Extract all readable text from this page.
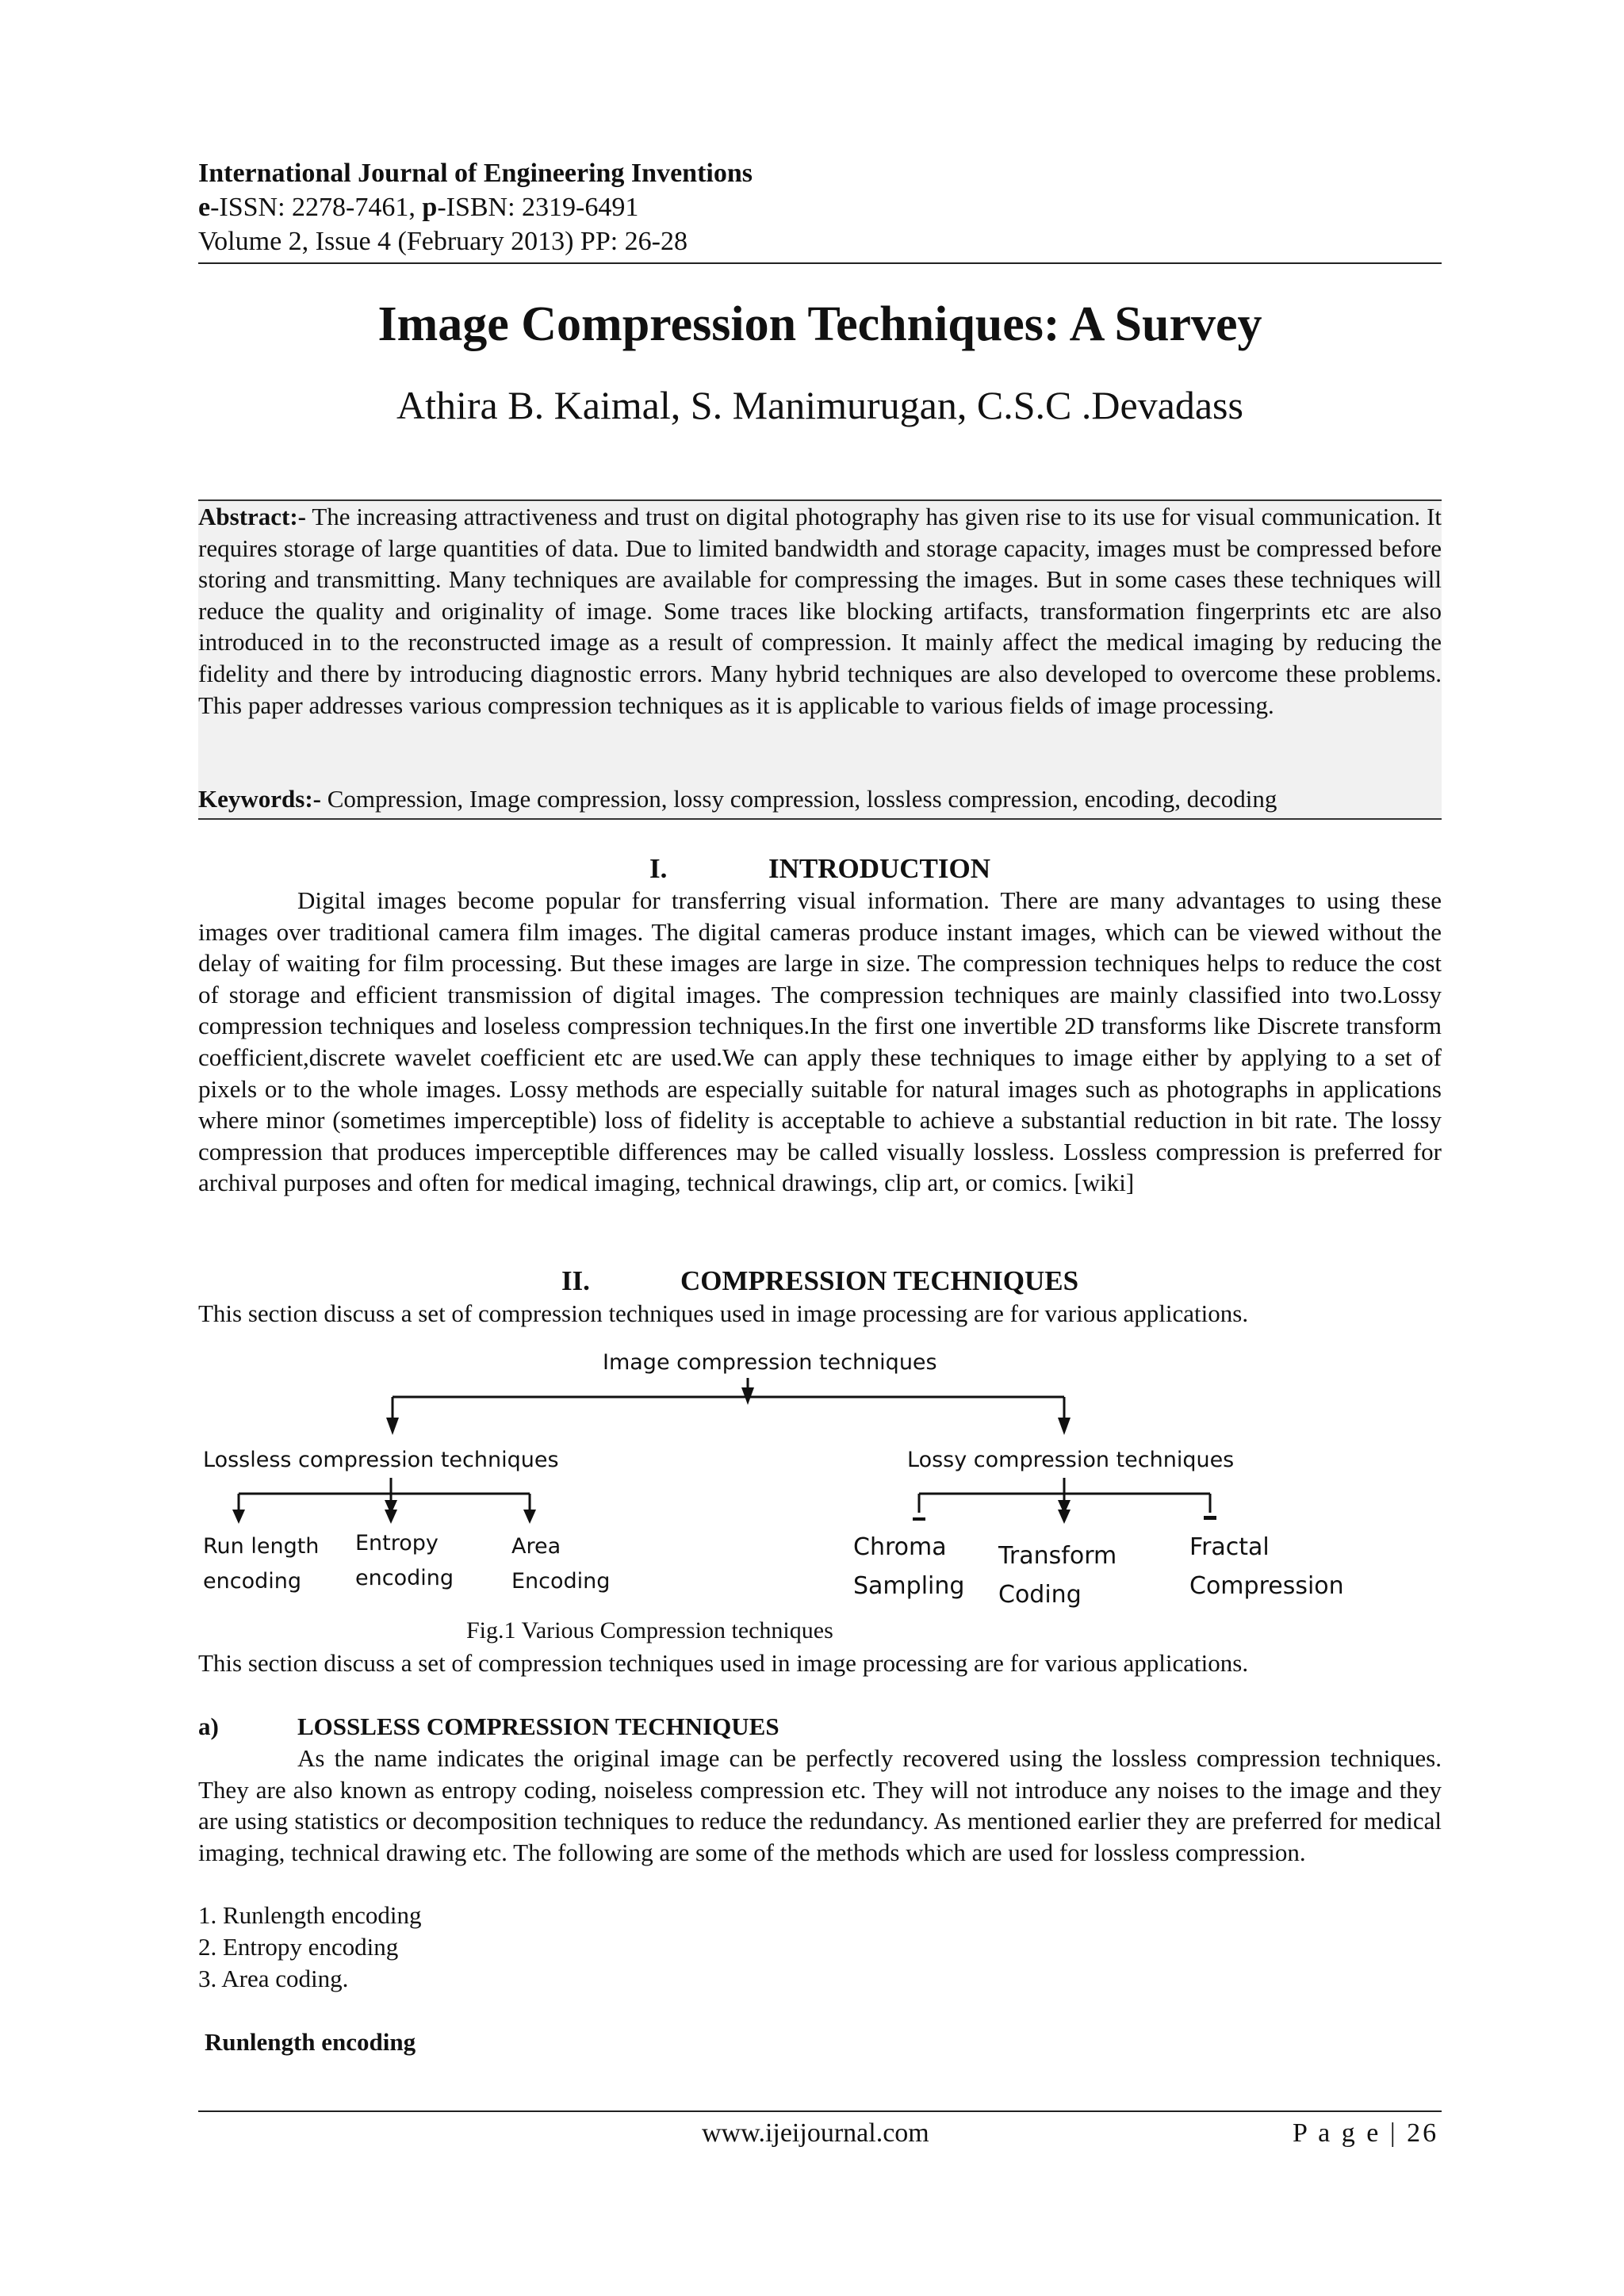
International Journal of Engineering Inventions
e-ISSN: 2278-7461, p-ISBN: 2319-6491
Volume 2, Issue 4 (February 2013) PP: 26-28
Image Compression Techniques: A Survey
Athira B. Kaimal, S. Manimurugan, C.S.C .Devadass
Abstract:- The increasing attractiveness and trust on digital photography has given rise to its use for visual communication. It requires storage of large quantities of data. Due to limited bandwidth and storage capacity, images must be compressed before storing and transmitting. Many techniques are available for compressing the images. But in some cases these techniques will reduce the quality and originality of image. Some traces like blocking artifacts, transformation fingerprints etc are also introduced in to the reconstructed image as a result of compression. It mainly affect the medical imaging by reducing the fidelity and there by introducing diagnostic errors. Many hybrid techniques are also developed to overcome these problems. This paper addresses various compression techniques as it is applicable to various fields of image processing.
Keywords:- Compression, Image compression, lossy compression, lossless compression, encoding, decoding
I.	INTRODUCTION
Digital images become popular for transferring visual information. There are many advantages to using these images over traditional camera film images. The digital cameras produce instant images, which can be viewed without the delay of waiting for film processing. But these images are large in size. The compression techniques helps to reduce the cost of storage and efficient transmission of digital images. The compression techniques are mainly classified into two.Lossy compression techniques and loseless compression techniques.In the first one invertible 2D transforms like Discrete transform coefficient,discrete wavelet coefficient etc are used.We can apply these techniques to image either by applying to a set of pixels or to the whole images. Lossy methods are especially suitable for natural images such as photographs in applications where minor (sometimes imperceptible) loss of fidelity is acceptable to achieve a substantial reduction in bit rate. The lossy compression that produces imperceptible differences may be called visually lossless. Lossless compression is preferred for archival purposes and often for medical imaging, technical drawings, clip art, or comics. [wiki]
II.	COMPRESSION TECHNIQUES
This section discuss a set of compression techniques used in image processing are for various applications.
Image compression techniques
Lossless compression techniques	Lossy compression techniques
Run length
encoding
Entropy
encoding
Area
Encoding
Chroma
Sampling
Transform
Coding
Fractal
Compression
Fig.1 Various Compression techniques
This section discuss a set of compression techniques used in image processing are for various applications.
a)	LOSSLESS COMPRESSION TECHNIQUES
As the name indicates the original image can be perfectly recovered using the lossless compression techniques. They are also known as entropy coding, noiseless compression etc. They will not introduce any noises to the image and they are using statistics or decomposition techniques to reduce the redundancy. As mentioned earlier they are preferred for medical imaging, technical drawing etc. The following are some of the methods which are used for lossless compression.
1. Runlength encoding
2. Entropy encoding
3. Area coding.
Runlength encoding
www.ijeijournal.com	P a g e | 26
